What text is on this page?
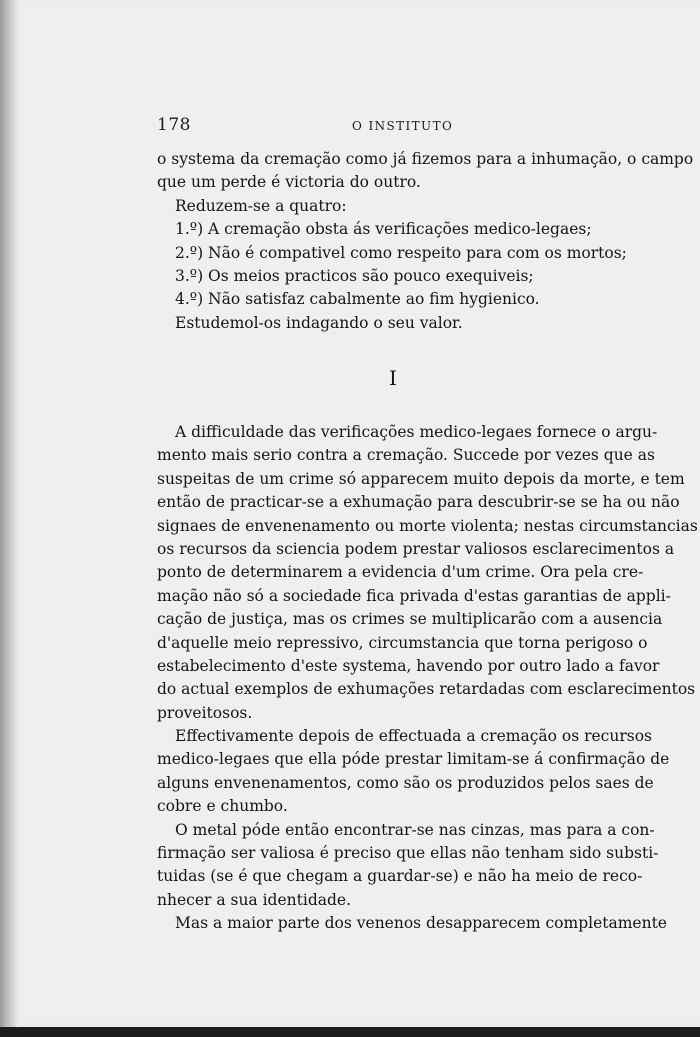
178	O INSTITUTO
o systema da cremação como já fizemos para a inhumação, o campo
que um perde é victoria do outro.
Reduzem-se a quatro:
1.º) A cremação obsta ás verificações medico-legaes;
2.º) Não é compativel como respeito para com os mortos;
3.º) Os meios practicos são pouco exequiveis;
4.º) Não satisfaz cabalmente ao fim hygienico.
Estudemol-os indagando o seu valor.
I
A difficuldade das verificações medico-legaes fornece o argu-
mento mais serio contra a cremação. Succede por vezes que as
suspeitas de um crime só apparecem muito depois da morte, e tem
então de practicar-se a exhumação para descubrir-se se ha ou não
signaes de envenenamento ou morte violenta; nestas circumstancias
os recursos da sciencia podem prestar valiosos esclarecimentos a
ponto de determinarem a evidencia d'um crime. Ora pela cre-
mação não só a sociedade fica privada d'estas garantias de appli-
cação de justiça, mas os crimes se multiplicarão com a ausencia
d'aquelle meio repressivo, circumstancia que torna perigoso o
estabelecimento d'este systema, havendo por outro lado a favor
do actual exemplos de exhumações retardadas com esclarecimentos
proveitosos.
Effectivamente depois de effectuada a cremação os recursos
medico-legaes que ella póde prestar limitam-se á confirmação de
alguns envenenamentos, como são os produzidos pelos saes de
cobre e chumbo.
O metal póde então encontrar-se nas cinzas, mas para a con-
firmação ser valiosa é preciso que ellas não tenham sido substi-
tuidas (se é que chegam a guardar-se) e não ha meio de reco-
nhecer a sua identidade.
Mas a maior parte dos venenos desapparecem completamente
